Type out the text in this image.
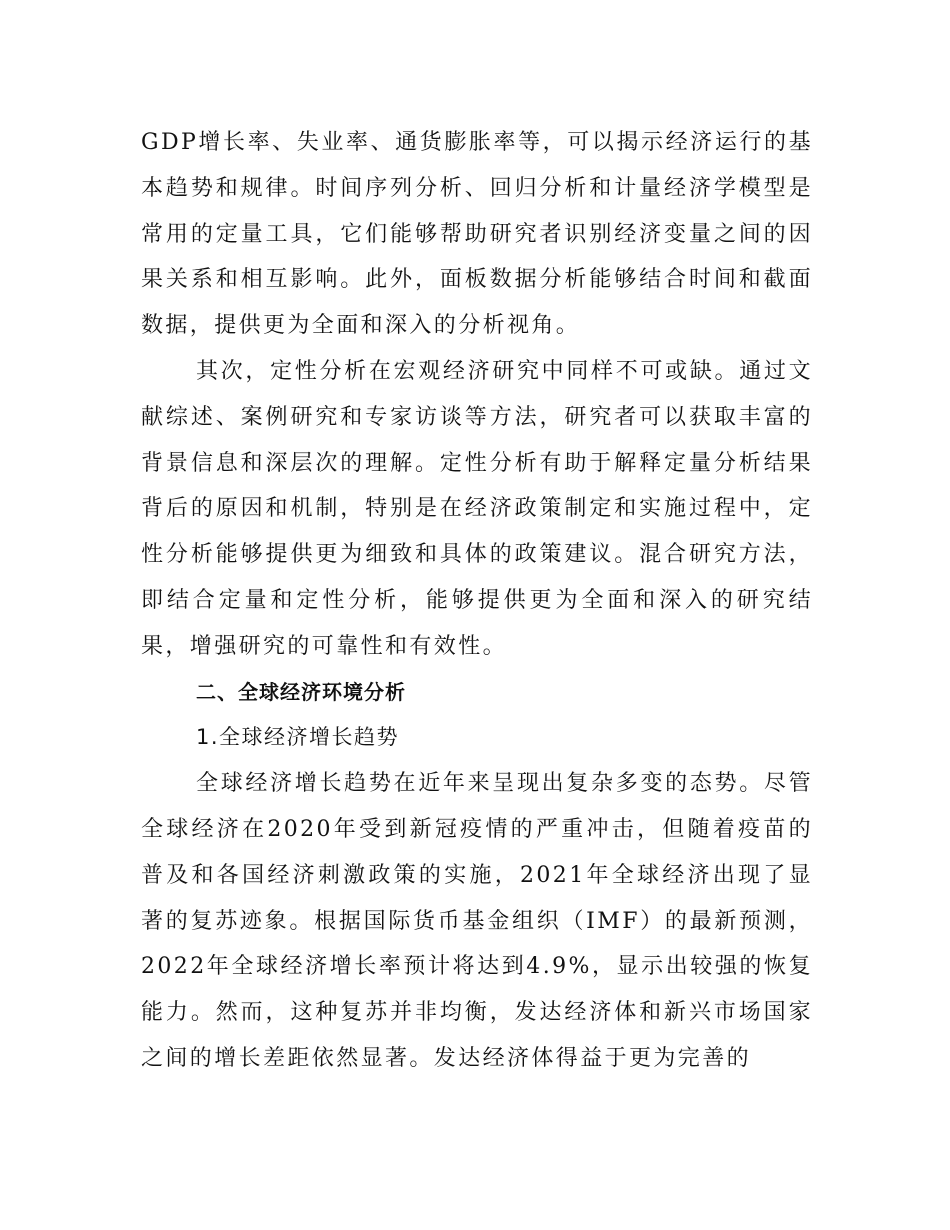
GDP增长率、失业率、通货膨胀率等，可以揭示经济运行的基本趋势和规律。时间序列分析、回归分析和计量经济学模型是常用的定量工具，它们能够帮助研究者识别经济变量之间的因果关系和相互影响。此外，面板数据分析能够结合时间和截面数据，提供更为全面和深入的分析视角。

其次，定性分析在宏观经济研究中同样不可或缺。通过文献综述、案例研究和专家访谈等方法，研究者可以获取丰富的背景信息和深层次的理解。定性分析有助于解释定量分析结果背后的原因和机制，特别是在经济政策制定和实施过程中，定性分析能够提供更为细致和具体的政策建议。混合研究方法，即结合定量和定性分析，能够提供更为全面和深入的研究结果，增强研究的可靠性和有效性。

二、全球经济环境分析

1.全球经济增长趋势

全球经济增长趋势在近年来呈现出复杂多变的态势。尽管全球经济在2020年受到新冠疫情的严重冲击，但随着疫苗的普及和各国经济刺激政策的实施，2021年全球经济出现了显著的复苏迹象。根据国际货币基金组织（IMF）的最新预测，2022年全球经济增长率预计将达到4.9%，显示出较强的恢复能力。然而，这种复苏并非均衡，发达经济体和新兴市场国家之间的增长差距依然显著。发达经济体得益于更为完善的
